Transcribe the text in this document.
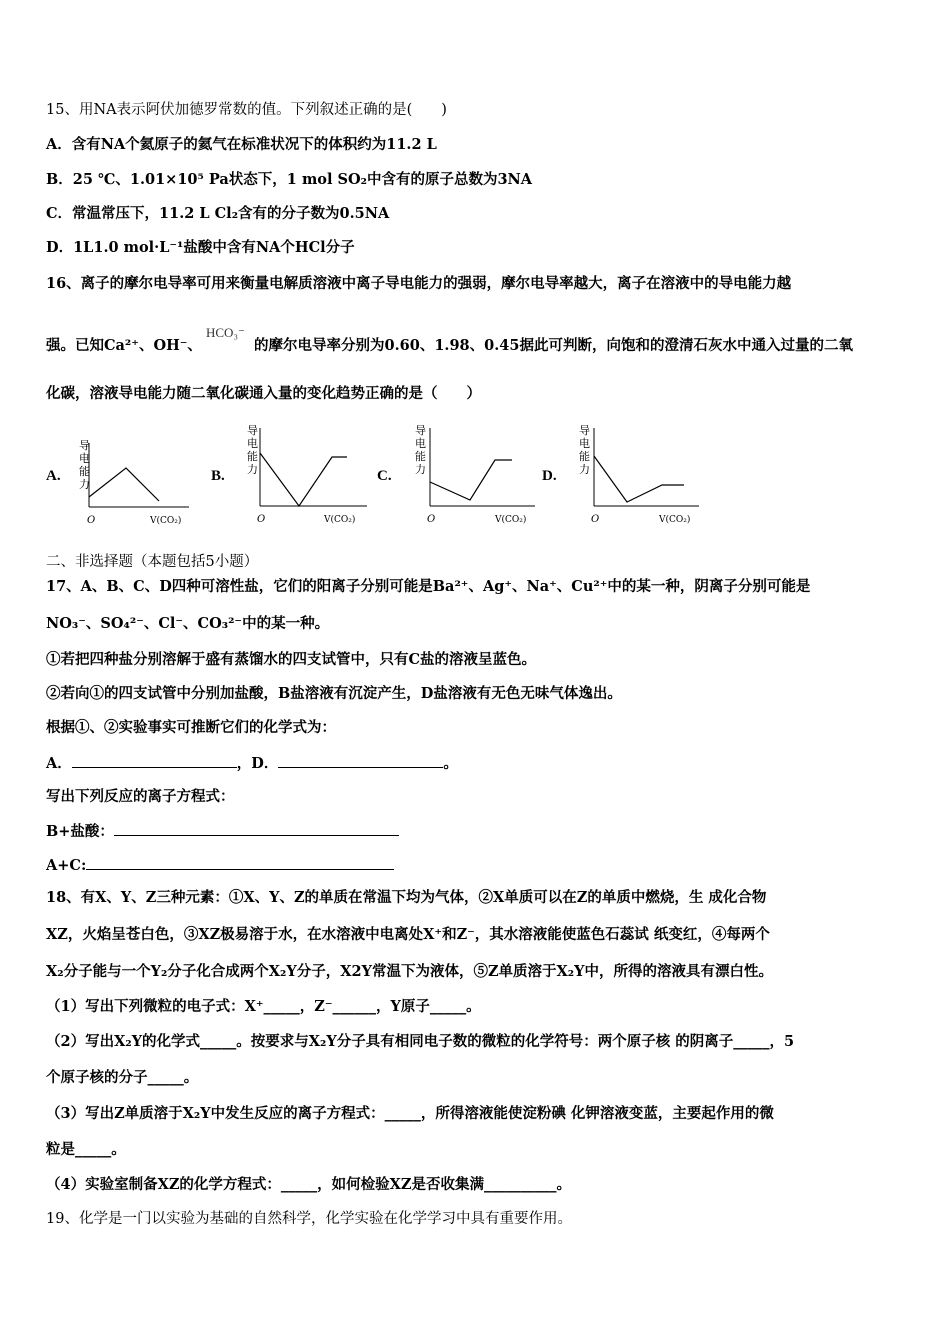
15、用NA表示阿伏加德罗常数的值。下列叙述正确的是(　　)
A．含有NA个氦原子的氦气在标准状况下的体积约为11.2 L
B．25 ℃、1.01×10⁵ Pa状态下，1 mol SO₂中含有的原子总数为3NA
C．常温常压下，11.2 L Cl₂含有的分子数为0.5NA
D．1L1.0 mol·L⁻¹盐酸中含有NA个HCl分子
16、离子的摩尔电导率可用来衡量电解质溶液中离子导电能力的强弱，摩尔电导率越大，离子在溶液中的导电能力越
强。已知Ca²⁺、OH⁻、
HCO₃⁻
的摩尔电导率分别为0.60、1.98、0.45据此可判断，向饱和的澄清石灰水中通入过量的二氧
化碳，溶液导电能力随二氧化碳通入量的变化趋势正确的是（　　）
A.
导
电
能
力
O	V(CO₂)
B.
导
电
能
力
O	V(CO₂)
C.
导
电
能
力
O	V(CO₂)
D.
导
电
能
力
O	V(CO₂)
二、非选择题（本题包括5小题）
17、A、B、C、D四种可溶性盐，它们的阳离子分别可能是Ba²⁺、Ag⁺、Na⁺、Cu²⁺中的某一种，阴离子分别可能是
NO₃⁻、SO₄²⁻、Cl⁻、CO₃²⁻中的某一种。
①若把四种盐分别溶解于盛有蒸馏水的四支试管中，只有C盐的溶液呈蓝色。
②若向①的四支试管中分别加盐酸，B盐溶液有沉淀产生，D盐溶液有无色无味气体逸出。
根据①、②实验事实可推断它们的化学式为：
A．	，D．	。
写出下列反应的离子方程式：
B+盐酸：
A+C:
18、有X、Y、Z三种元素：①X、Y、Z的单质在常温下均为气体，②X单质可以在Z的单质中燃烧，生 成化合物
XZ，火焰呈苍白色，③XZ极易溶于水，在水溶液中电离处X⁺和Z⁻，其水溶液能使蓝色石蕊试 纸变红，④每两个
X₂分子能与一个Y₂分子化合成两个X₂Y分子，X2Y常温下为液体，⑤Z单质溶于X₂Y中，所得的溶液具有漂白性。
（1）写出下列微粒的电子式：X⁺_____，Z⁻______，Y原子_____。
（2）写出X₂Y的化学式_____。按要求与X₂Y分子具有相同电子数的微粒的化学符号：两个原子核 的阴离子_____，5
个原子核的分子_____。
（3）写出Z单质溶于X₂Y中发生反应的离子方程式：_____，所得溶液能使淀粉碘 化钾溶液变蓝，主要起作用的微
粒是_____。
（4）实验室制备XZ的化学方程式：_____，如何检验XZ是否收集满__________。
19、化学是一门以实验为基础的自然科学，化学实验在化学学习中具有重要作用。
